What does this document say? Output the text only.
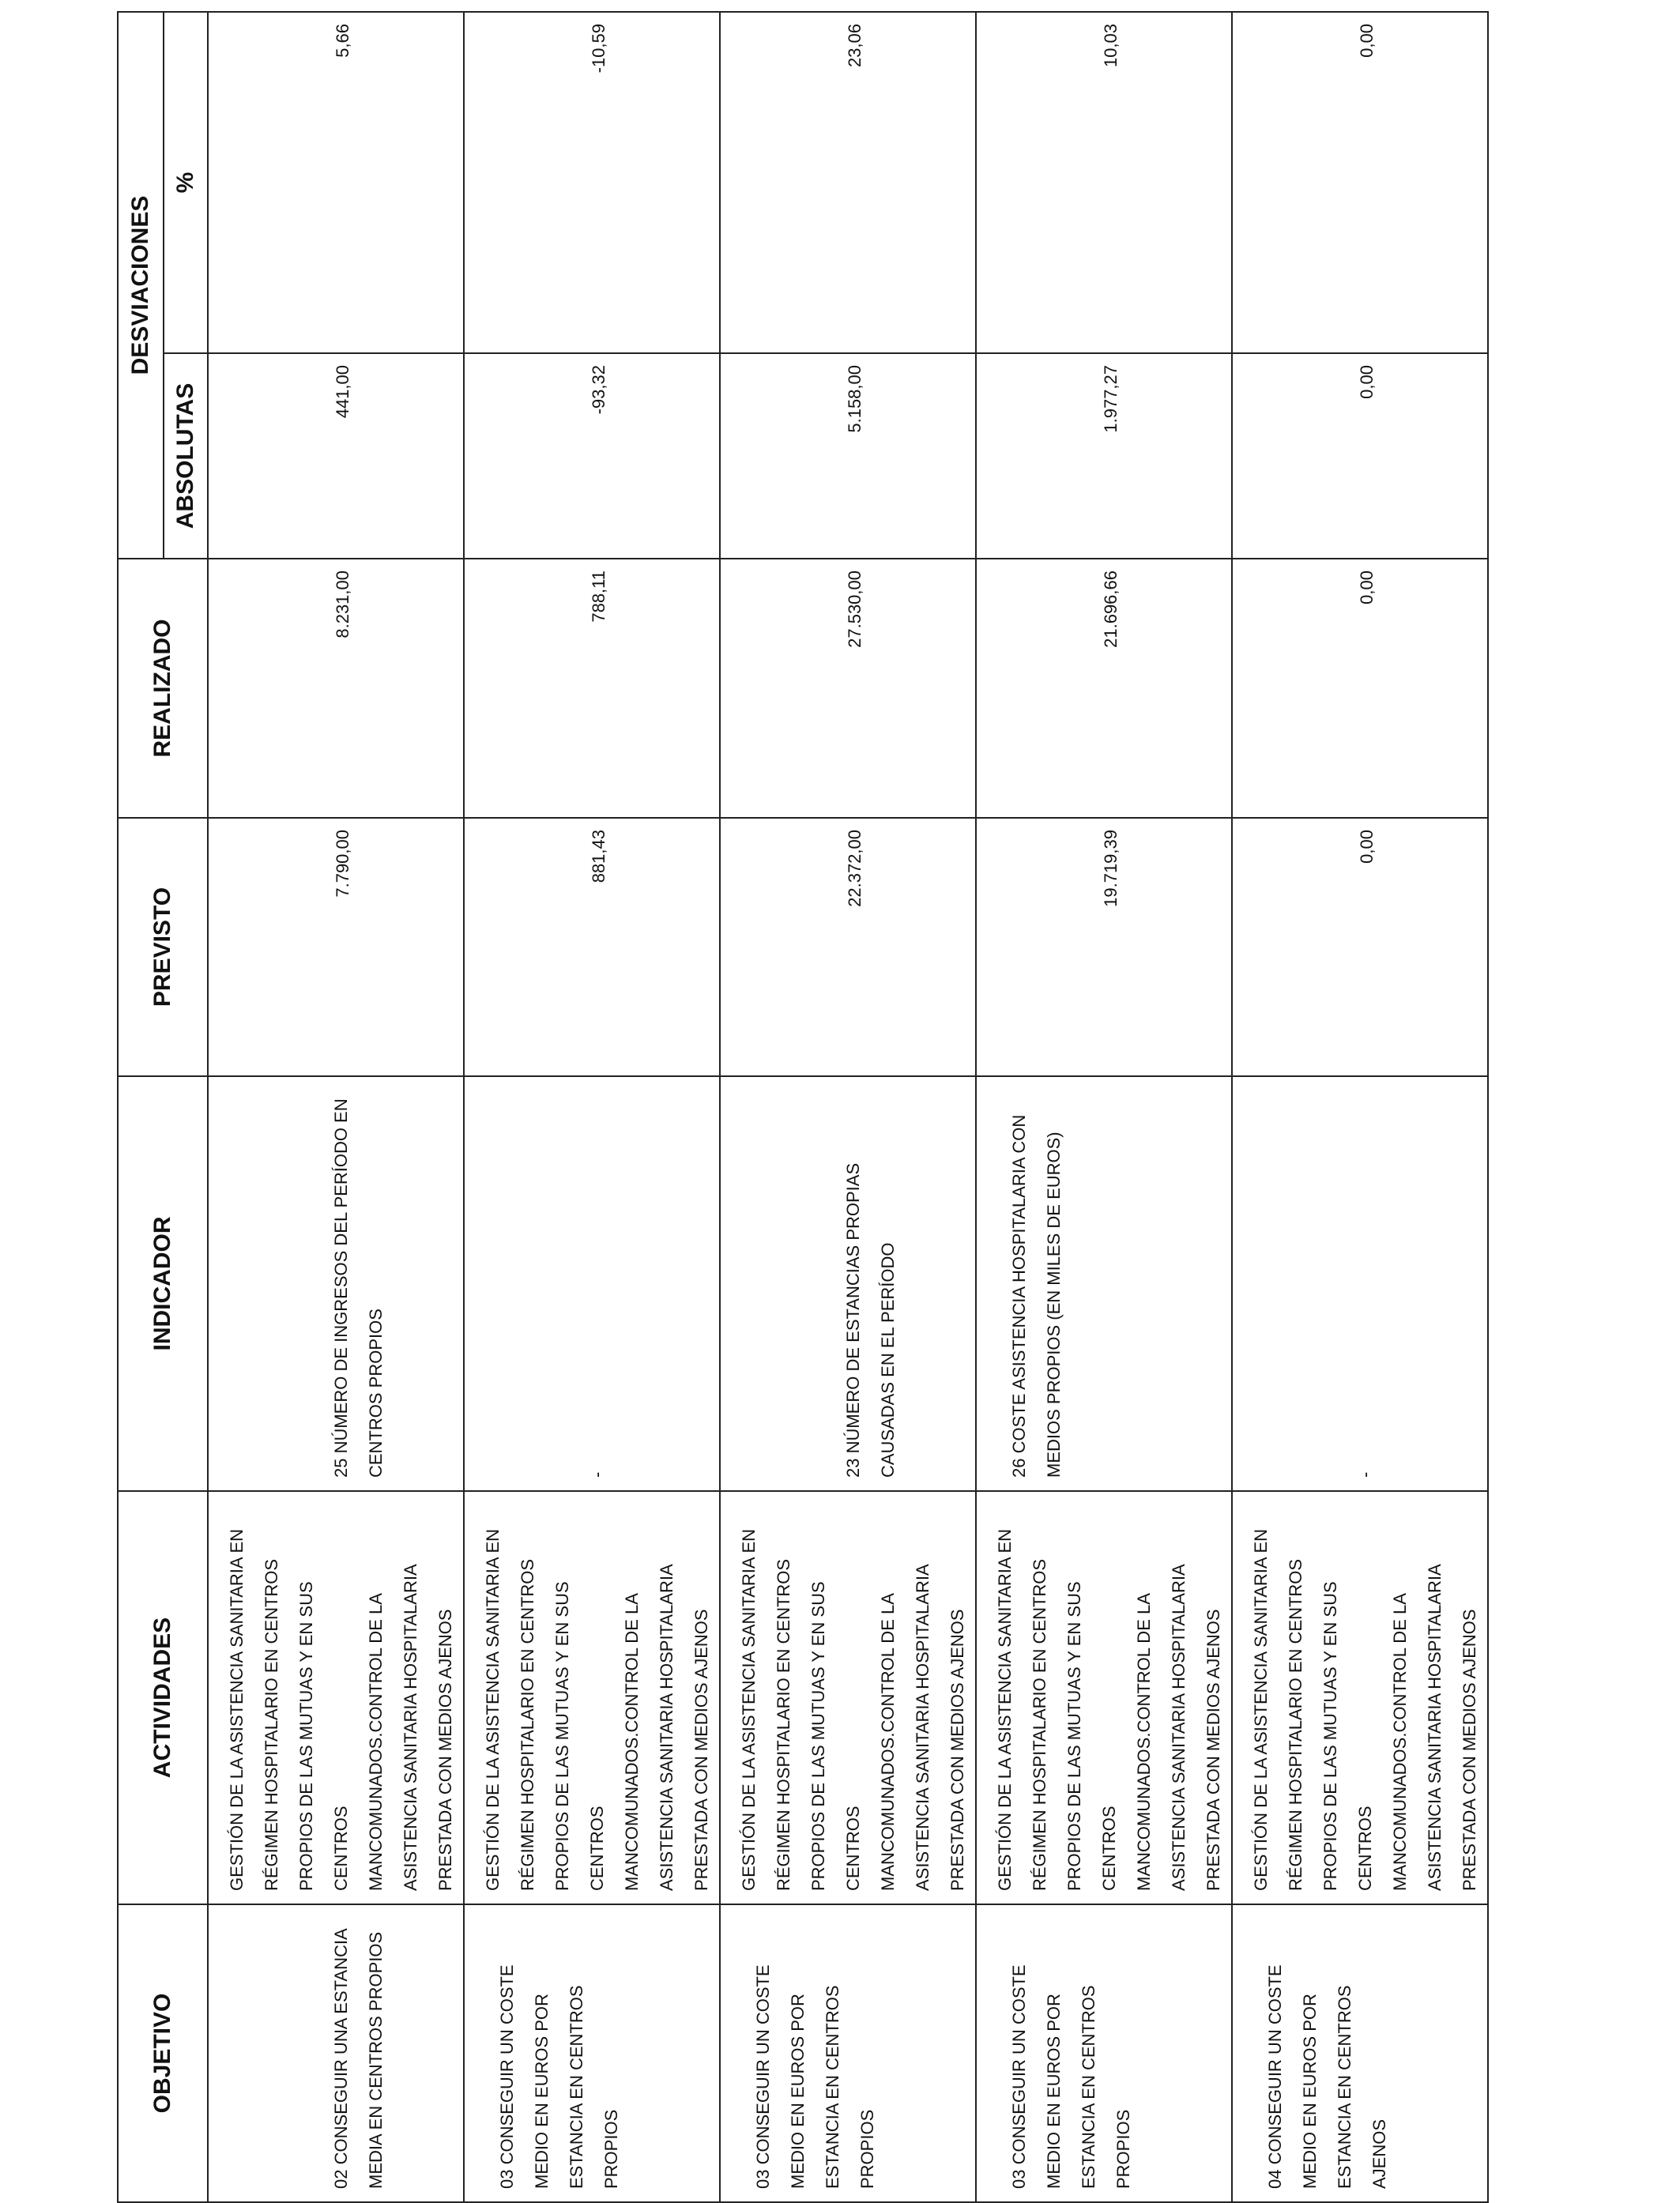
OBJETIVO	ACTIVIDADES	INDICADOR	PREVISTO	REALIZADO	DESVIACIONES	
					ABSOLUTAS	%

02 CONSEGUIR UNA ESTANCIA MEDIA EN CENTROS PROPIOS	GESTIÓN DE LA ASISTENCIA SANITARIA EN RÉGIMEN HOSPITALARIO EN CENTROS PROPIOS DE LAS MUTUAS Y EN SUS CENTROS MANCOMUNADOS.CONTROL DE LA ASISTENCIA SANITARIA HOSPITALARIA PRESTADA CON MEDIOS AJENOS	25 NÚMERO DE INGRESOS DEL PERÍODO EN CENTROS PROPIOS	7.790,00	8.231,00	441,00	5,66

03 CONSEGUIR UN COSTE MEDIO EN EUROS POR ESTANCIA EN CENTROS PROPIOS	GESTIÓN DE LA ASISTENCIA SANITARIA EN RÉGIMEN HOSPITALARIO EN CENTROS PROPIOS DE LAS MUTUAS Y EN SUS CENTROS MANCOMUNADOS.CONTROL DE LA ASISTENCIA SANITARIA HOSPITALARIA PRESTADA CON MEDIOS AJENOS	-	881,43	788,11	-93,32	-10,59

03 CONSEGUIR UN COSTE MEDIO EN EUROS POR ESTANCIA EN CENTROS PROPIOS	GESTIÓN DE LA ASISTENCIA SANITARIA EN RÉGIMEN HOSPITALARIO EN CENTROS PROPIOS DE LAS MUTUAS Y EN SUS CENTROS MANCOMUNADOS.CONTROL DE LA ASISTENCIA SANITARIA HOSPITALARIA PRESTADA CON MEDIOS AJENOS	23 NÚMERO DE ESTANCIAS PROPIAS CAUSADAS EN EL PERÍODO	22.372,00	27.530,00	5.158,00	23,06

03 CONSEGUIR UN COSTE MEDIO EN EUROS POR ESTANCIA EN CENTROS PROPIOS	GESTIÓN DE LA ASISTENCIA SANITARIA EN RÉGIMEN HOSPITALARIO EN CENTROS PROPIOS DE LAS MUTUAS Y EN SUS CENTROS MANCOMUNADOS.CONTROL DE LA ASISTENCIA SANITARIA HOSPITALARIA PRESTADA CON MEDIOS AJENOS	26 COSTE ASISTENCIA HOSPITALARIA CON MEDIOS PROPIOS (EN MILES DE EUROS)	19.719,39	21.696,66	1.977,27	10,03

04 CONSEGUIR UN COSTE MEDIO EN EUROS POR ESTANCIA EN CENTROS AJENOS	GESTIÓN DE LA ASISTENCIA SANITARIA EN RÉGIMEN HOSPITALARIO EN CENTROS PROPIOS DE LAS MUTUAS Y EN SUS CENTROS MANCOMUNADOS.CONTROL DE LA ASISTENCIA SANITARIA HOSPITALARIA PRESTADA CON MEDIOS AJENOS	-	0,00	0,00	0,00	0,00
